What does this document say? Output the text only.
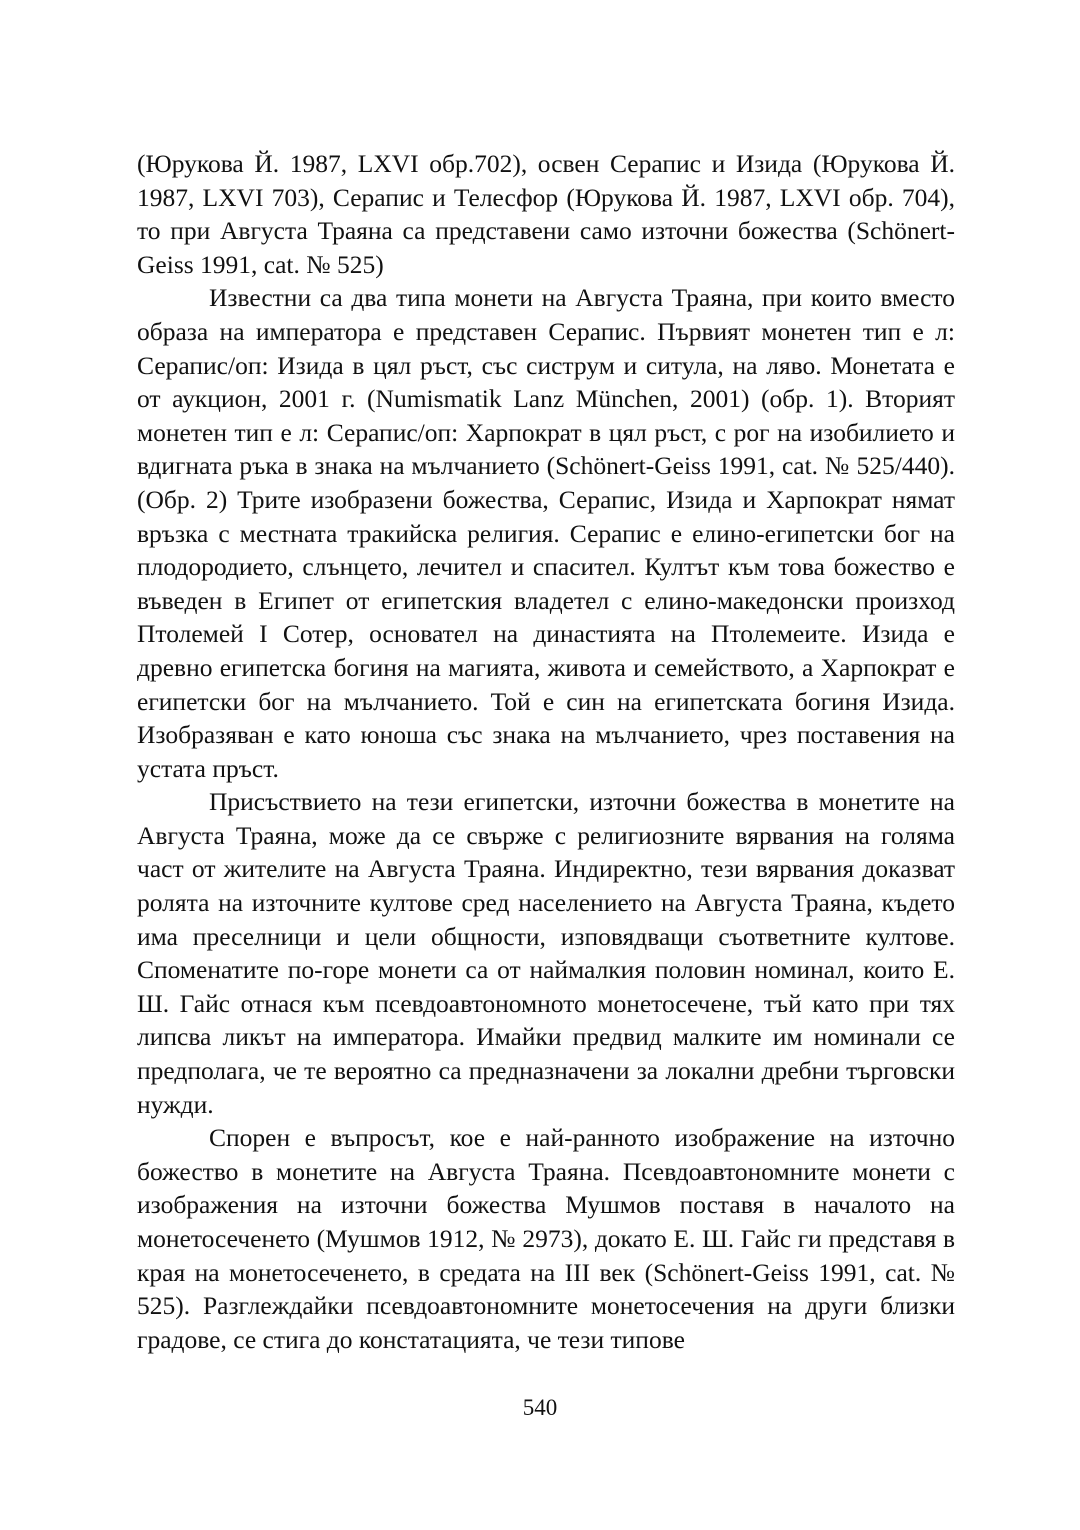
(Юрукова Й. 1987, LXVI обр.702), освен Серапис и Изида (Юрукова Й. 1987, LXVI 703), Серапис и Телесфор (Юрукова Й. 1987, LXVI обр. 704), то при Августа Траяна са представени само източни божества (Schönert-Geiss 1991, cat. № 525)

Известни са два типа монети на Августа Траяна, при които вместо образа на императора е представен Серапис. Първият монетен тип е л: Серапис/оп: Изида в цял ръст, със систрум и ситула, на ляво. Монетата е от аукцион, 2001 г. (Numismatik Lanz München, 2001) (обр. 1). Вторият монетен тип е л: Серапис/оп: Харпократ в цял ръст, с рог на изобилието и вдигната ръка в знака на мълчанието (Schönert-Geiss 1991, cat. № 525/440). (Обр. 2) Трите изобразени божества, Серапис, Изида и Харпократ нямат връзка с местната тракийска религия. Серапис е елино-египетски бог на плодородието, слънцето, лечител и спасител. Култът към това божество е въведен в Египет от египетския владетел с елино-македонски произход Птолемей I Сотер, основател на династията на Птолемеите. Изида е древно египетска богиня на магията, живота и семейството, а Харпократ е египетски бог на мълчанието. Той е син на египетската богиня Изида. Изобразяван е като юноша със знака на мълчанието, чрез поставения на устата пръст.

Присъствието на тези египетски, източни божества в монетите на Августа Траяна, може да се свърже с религиозните вярвания на голяма част от жителите на Августа Траяна. Индиректно, тези вярвания доказват ролята на източните култове сред населението на Августа Траяна, където има преселници и цели общности, изповядващи съответните култове. Споменатите по-горе монети са от наймалкия половин номинал, които Е. Ш. Гайс отнася към псевдоавтономното монетосечене, тъй като при тях липсва ликът на императора. Имайки предвид малките им номинали се предполага, че те вероятно са предназначени за локални дребни търговски нужди.

Спорен е въпросът, кое е най-ранното изображение на източно божество в монетите на Августа Траяна. Псевдоавтономните монети с изображения на източни божества Мушмов поставя в началото на монетосеченето (Мушмов 1912, № 2973), докато Е. Ш. Гайс ги представя в края на монетосеченето, в средата на III век (Schönert-Geiss 1991, cat. № 525). Разглеждайки псевдоавтономните монетосечения на други близки градове, се стига до констатацията, че тези типове

540
